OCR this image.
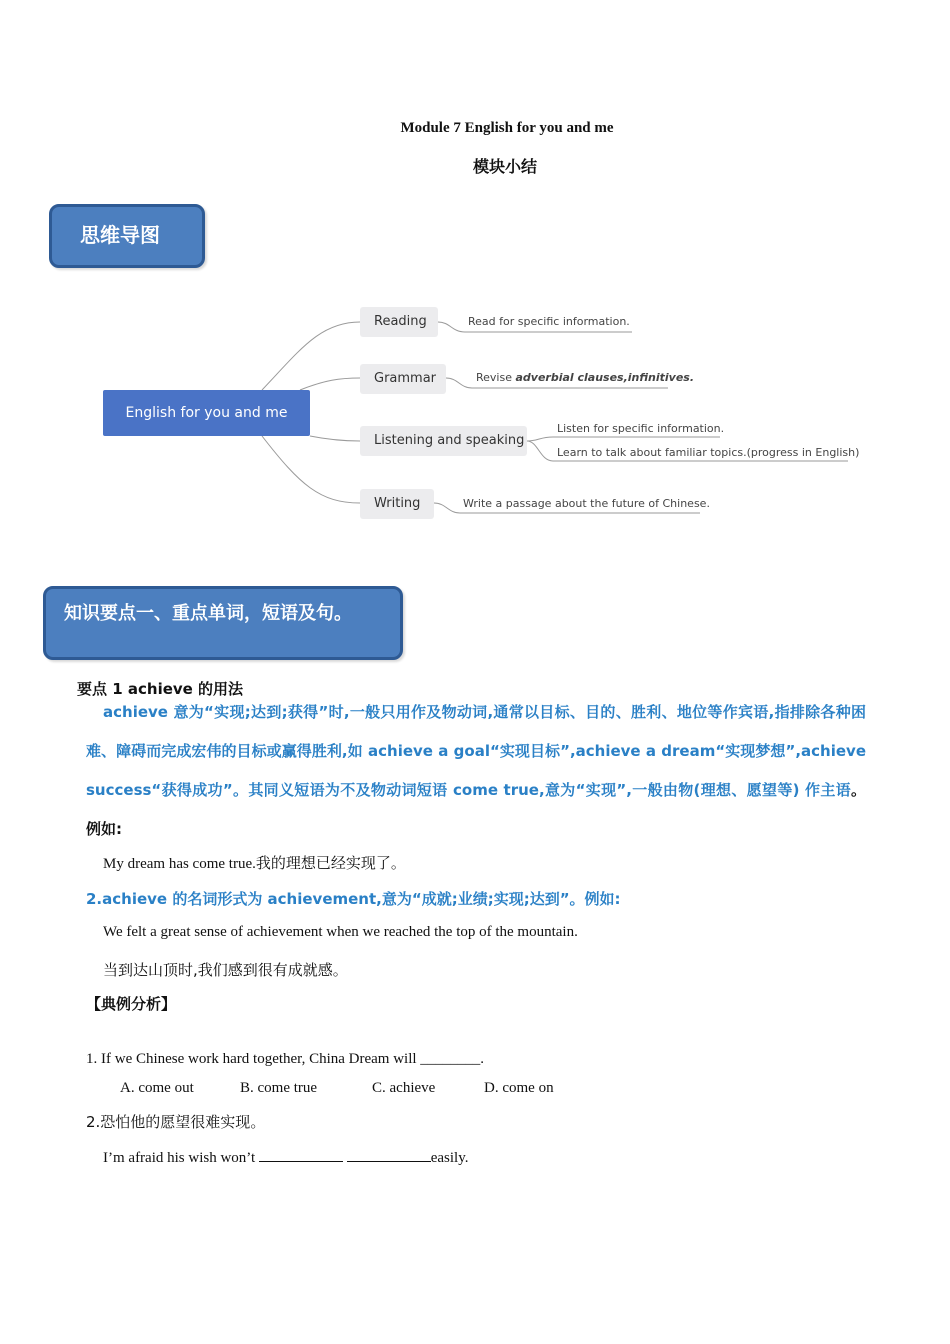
Module 7 English for you and me
模块小结
思维导图
English for you and me
Reading
Grammar
Listening and speaking
Writing
Read for specific information.
Revise adverbial clauses,infinitives.
Listen for specific information.
Learn to talk about familiar topics.(progress in English)
Write a passage about the future of Chinese.
知识要点一、重点单词，短语及句。
要点 1 achieve 的用法
achieve 意为“实现;达到;获得”时,一般只用作及物动词,通常以目标、目的、胜利、地位等作宾语,指排除各种困难、障碍而完成宏伟的目标或赢得胜利,如 achieve a goal“实现目标”,achieve a dream“实现梦想”,achieve success“获得成功”。其同义短语为不及物动词短语 come true,意为“实现”,一般由物(理想、愿望等) 作主语。例如:
My dream has come true.我的理想已经实现了。
2.achieve 的名词形式为 achievement,意为“成就;业绩;实现;达到”。例如:
We felt a great sense of achievement when we reached the top of the mountain.
当到达山顶时,我们感到很有成就感。
【典例分析】
1. If we Chinese work hard together, China Dream will ________.
A. come out	B. come true	C. achieve	D. come on
2.恐怕他的愿望很难实现。
I’m afraid his wish won’t	easily.
